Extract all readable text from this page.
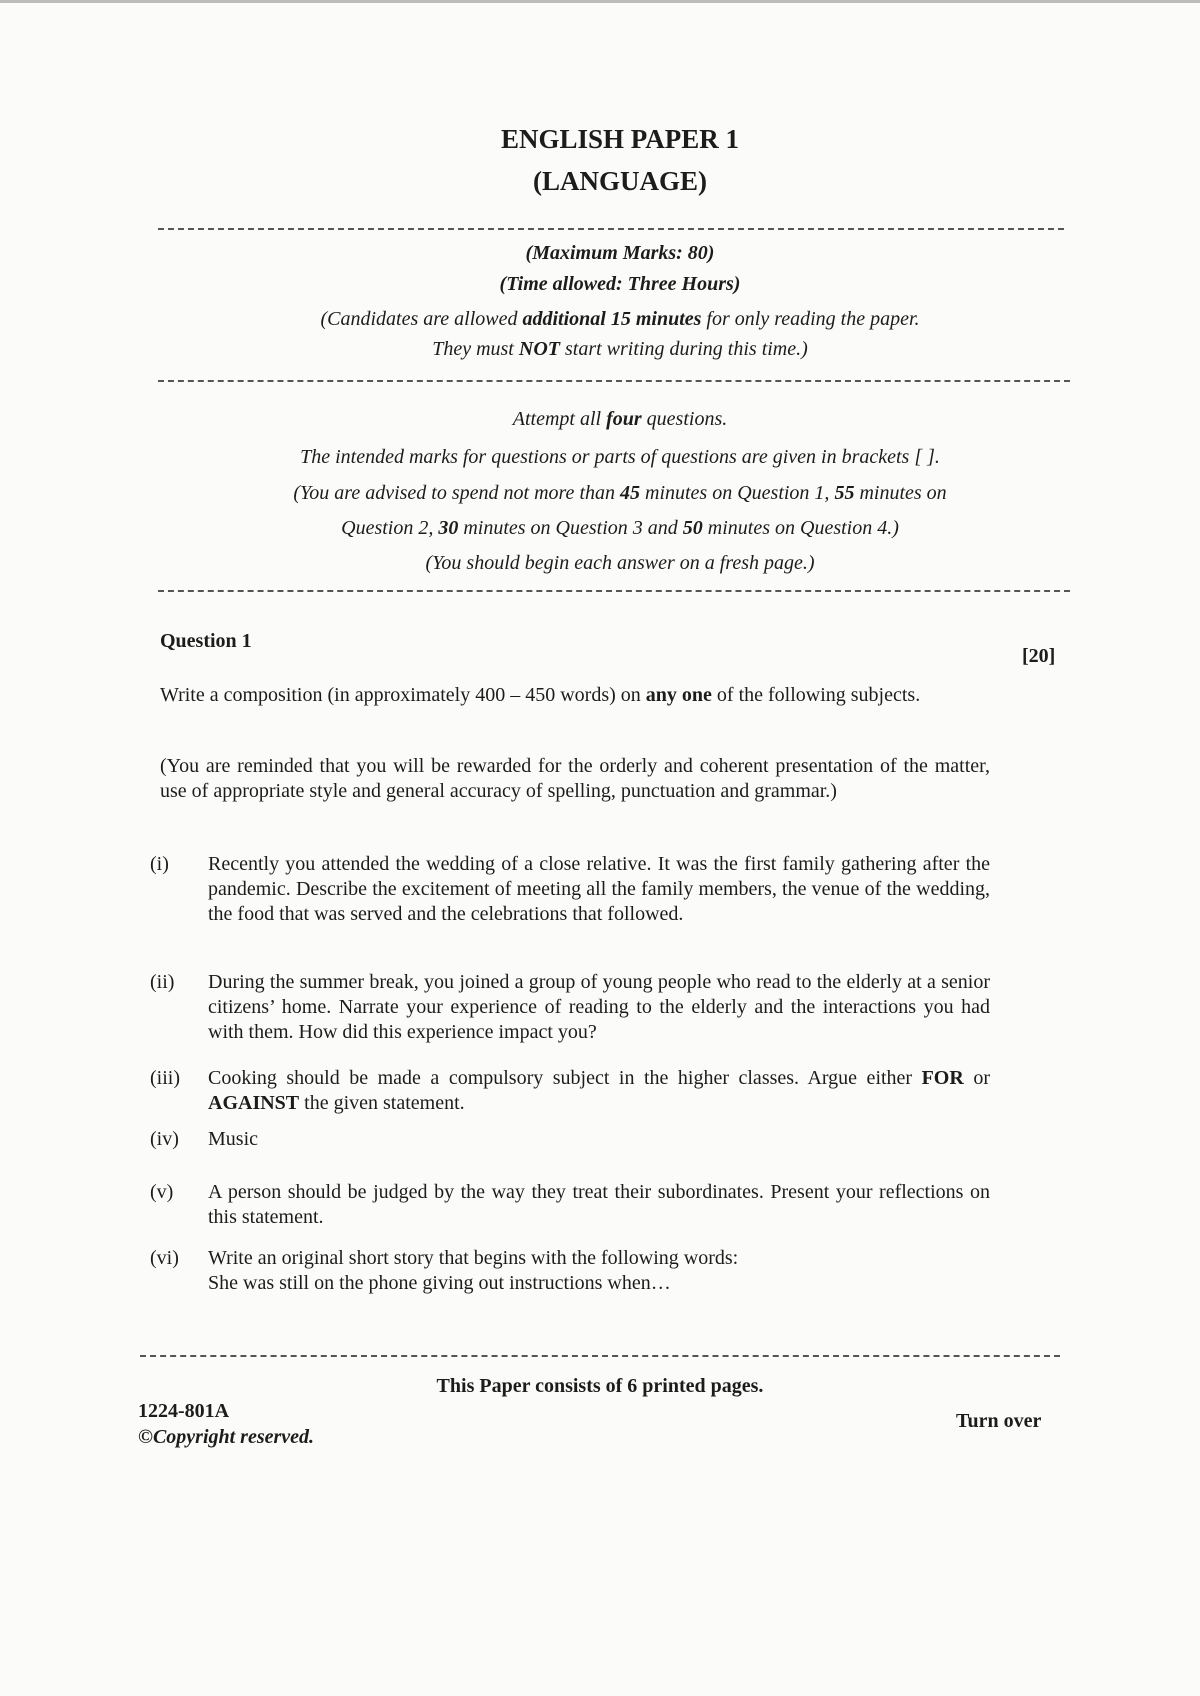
ENGLISH PAPER 1
(LANGUAGE)
(Maximum Marks: 80)
(Time allowed: Three Hours)
(Candidates are allowed additional 15 minutes for only reading the paper.
They must NOT start writing during this time.)
Attempt all four questions.
The intended marks for questions or parts of questions are given in brackets [ ].
(You are advised to spend not more than 45 minutes on Question 1, 55 minutes on
Question 2, 30 minutes on Question 3 and 50 minutes on Question 4.)
(You should begin each answer on a fresh page.)
Question 1
[20]
Write a composition (in approximately 400 – 450 words) on any one of the following subjects.
(You are reminded that you will be rewarded for the orderly and coherent presentation of the matter, use of appropriate style and general accuracy of spelling, punctuation and grammar.)
(i)	Recently you attended the wedding of a close relative. It was the first family gathering after the pandemic. Describe the excitement of meeting all the family members, the venue of the wedding, the food that was served and the celebrations that followed.
(ii)	During the summer break, you joined a group of young people who read to the elderly at a senior citizens’ home. Narrate your experience of reading to the elderly and the interactions you had with them. How did this experience impact you?
(iii)	Cooking should be made a compulsory subject in the higher classes. Argue either FOR or AGAINST the given statement.
(iv)	Music
(v)	A person should be judged by the way they treat their subordinates. Present your reflections on this statement.
(vi)	Write an original short story that begins with the following words:
She was still on the phone giving out instructions when…
This Paper consists of 6 printed pages.
1224-801A
©Copyright reserved.
Turn over
